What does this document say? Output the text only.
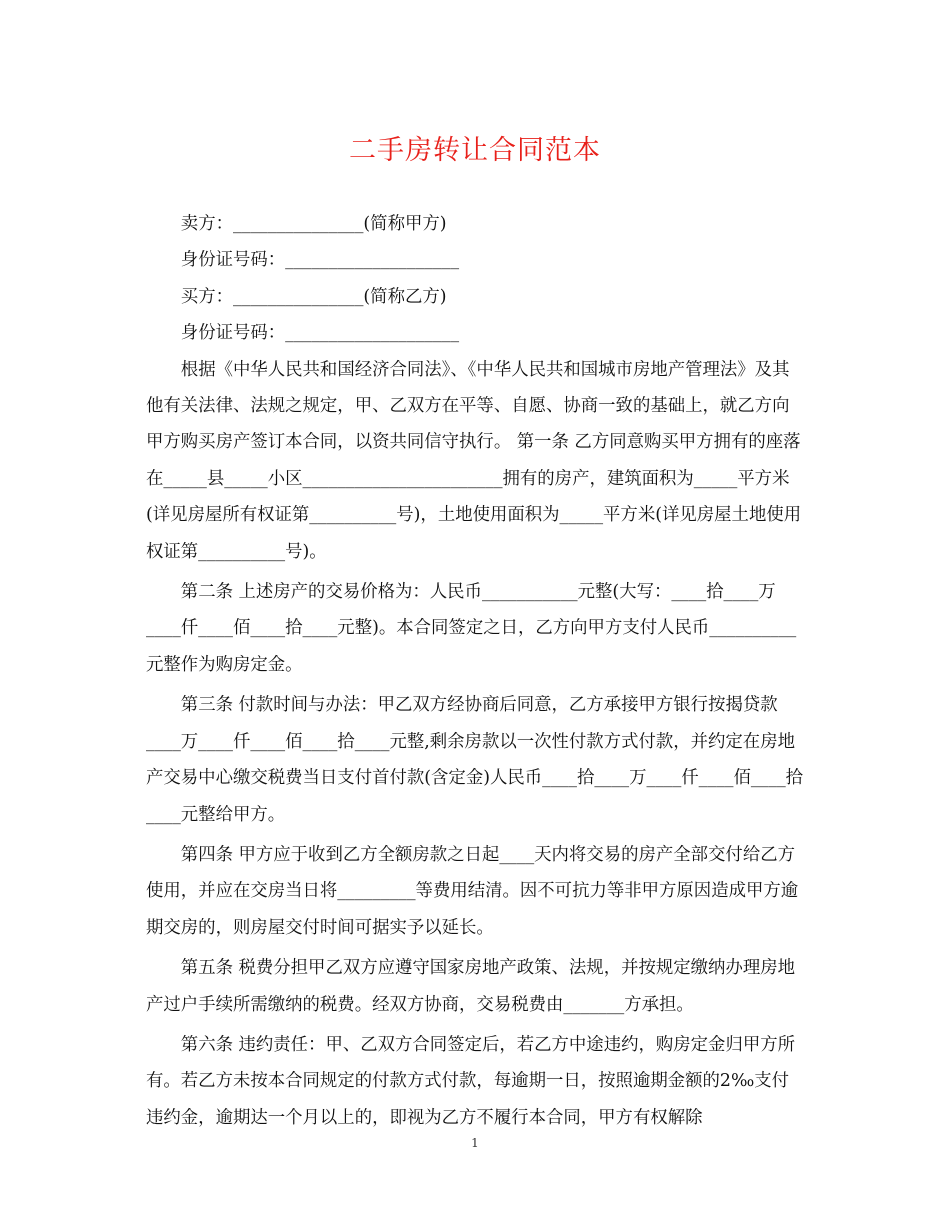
二手房转让合同范本

卖方：_______________(简称甲方)

身份证号码：____________________

买方：_______________(简称乙方)

身份证号码：____________________

根据《中华人民共和国经济合同法》、《中华人民共和国城市房地产管理法》及其他有关法律、法规之规定，甲、乙双方在平等、自愿、协商一致的基础上，就乙方向甲方购买房产签订本合同，以资共同信守执行。 第一条 乙方同意购买甲方拥有的座落在_____县_____小区_______________________拥有的房产，建筑面积为_____平方米(详见房屋所有权证第__________号)，土地使用面积为_____平方米(详见房屋土地使用权证第__________号)。

第二条 上述房产的交易价格为：人民币___________元整(大写：____拾____万____仟____佰____拾____元整)。本合同签定之日，乙方向甲方支付人民币__________元整作为购房定金。

第三条 付款时间与办法：甲乙双方经协商后同意，乙方承接甲方银行按揭贷款____万____仟____佰____拾____元整,剩余房款以一次性付款方式付款，并约定在房地产交易中心缴交税费当日支付首付款(含定金)人民币____拾____万____仟____佰____拾____元整给甲方。

第四条 甲方应于收到乙方全额房款之日起____天内将交易的房产全部交付给乙方使用，并应在交房当日将_________等费用结清。因不可抗力等非甲方原因造成甲方逾期交房的，则房屋交付时间可据实予以延长。

第五条 税费分担甲乙双方应遵守国家房地产政策、法规，并按规定缴纳办理房地产过户手续所需缴纳的税费。经双方协商，交易税费由_______方承担。

第六条 违约责任：甲、乙双方合同签定后，若乙方中途违约，购房定金归甲方所有。若乙方未按本合同规定的付款方式付款，每逾期一日，按照逾期金额的2‰支付违约金，逾期达一个月以上的，即视为乙方不履行本合同，甲方有权解除

1
